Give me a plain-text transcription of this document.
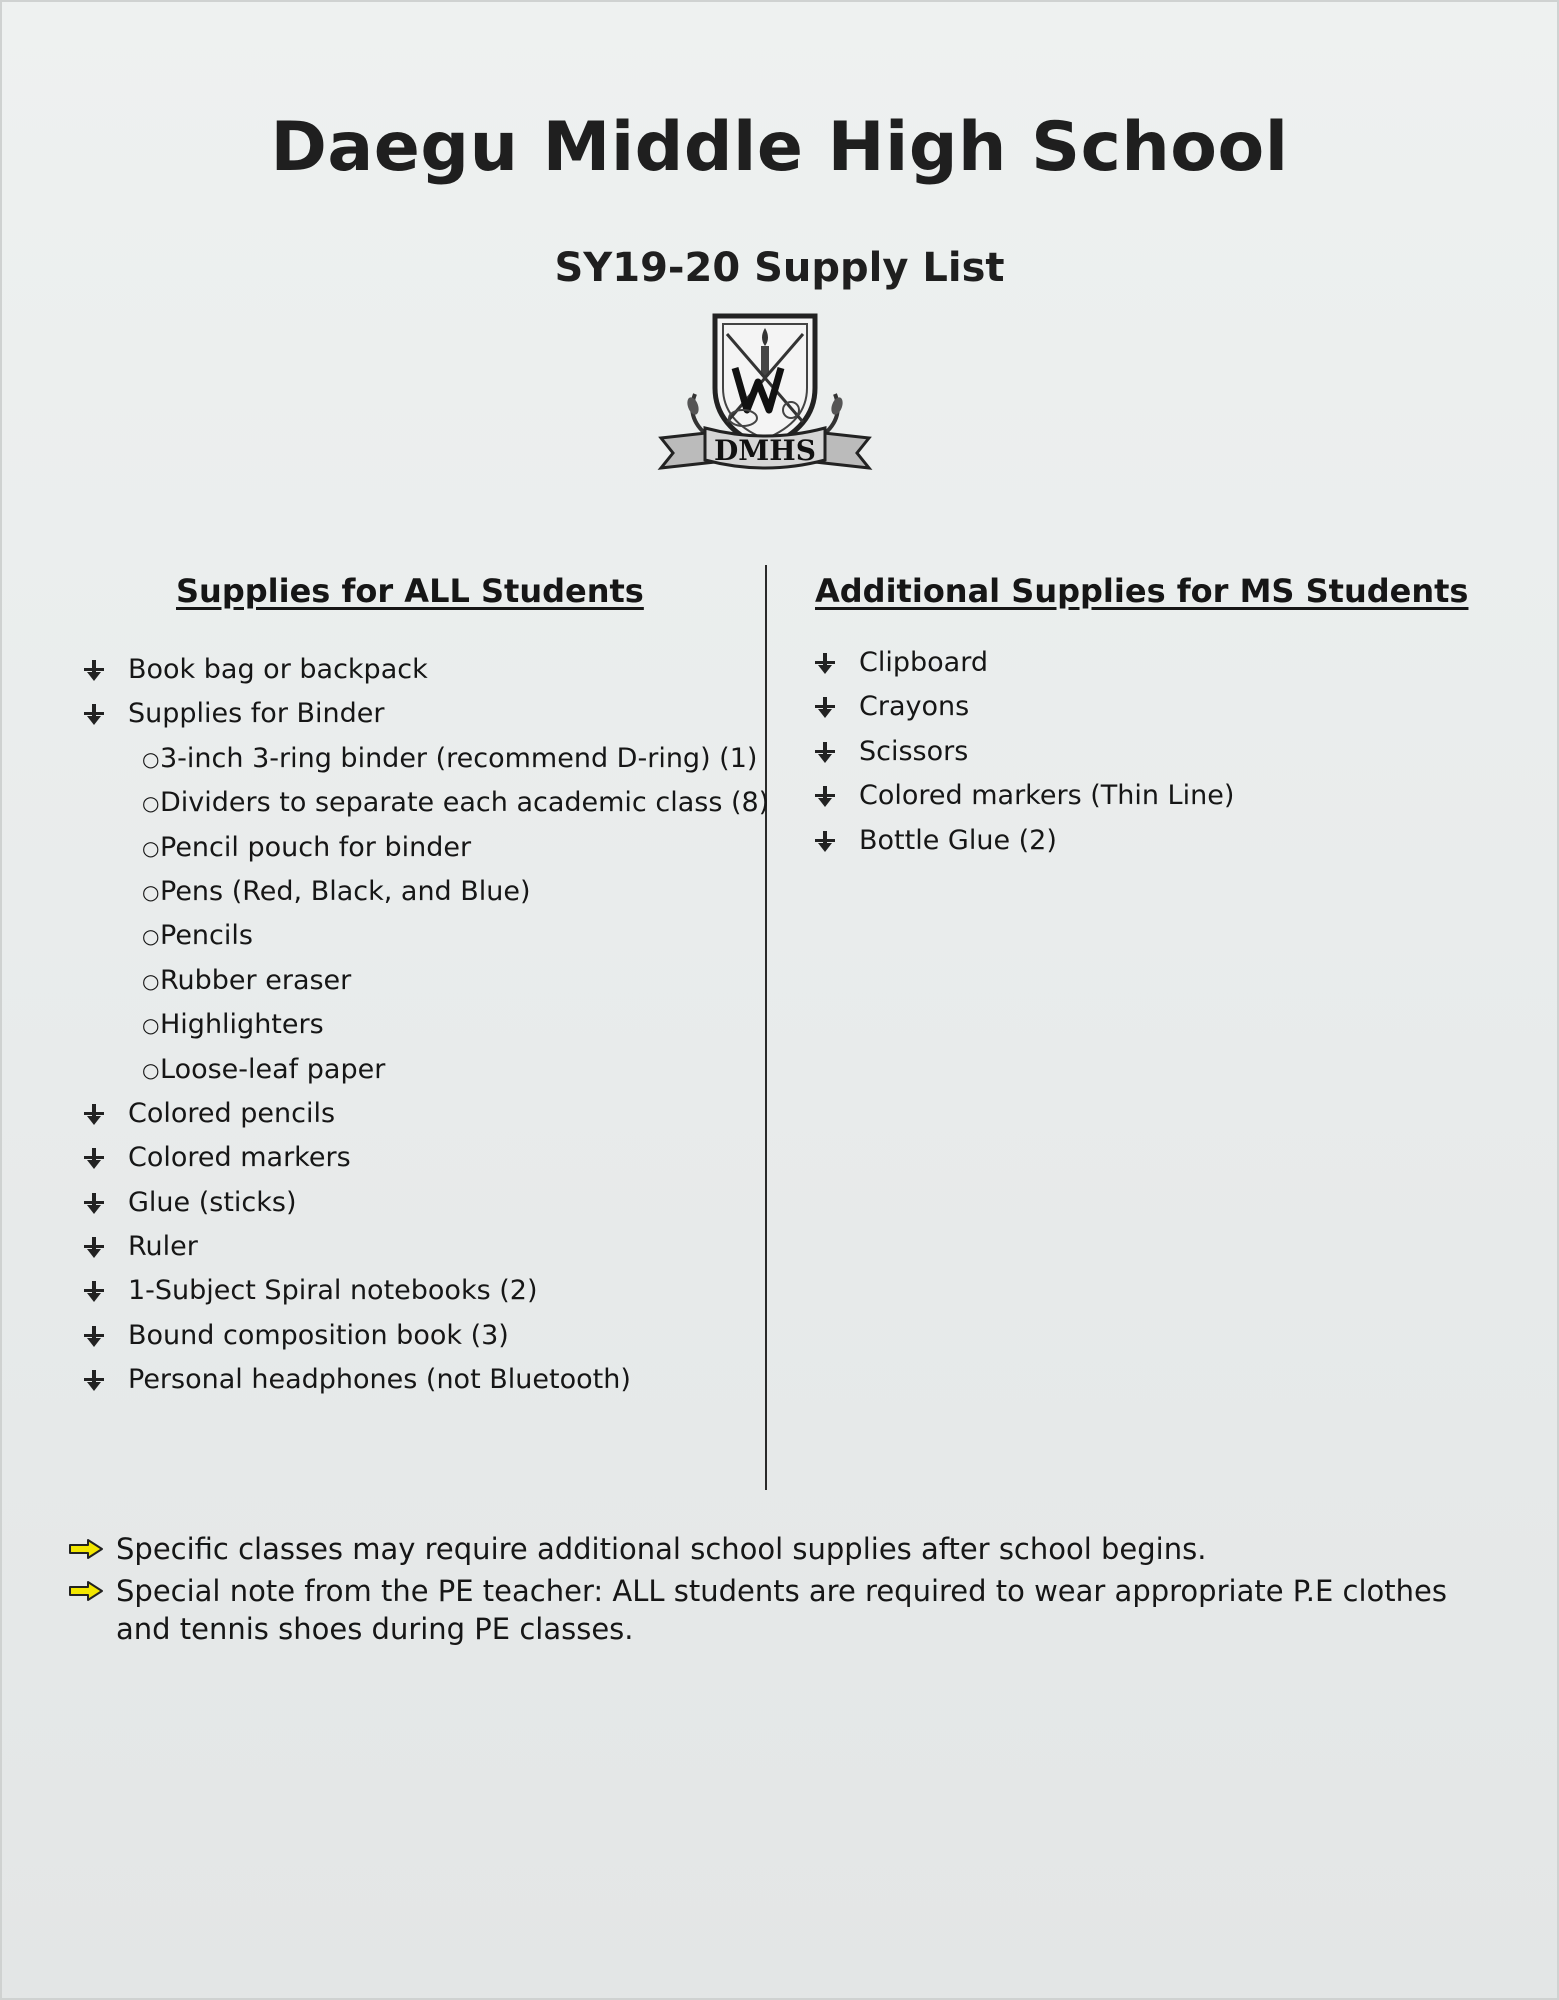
Daegu Middle High School
SY19-20 Supply List
DMHS
Supplies for ALL Students	Additional Supplies for MS Students
Book bag or backpack
Supplies for Binder
○ 3-inch 3-ring binder (recommend D-ring) (1)
○ Dividers to separate each academic class (8)
○ Pencil pouch for binder
○ Pens (Red, Black, and Blue)
○ Pencils
○ Rubber eraser
○ Highlighters
○ Loose-leaf paper
Colored pencils
Colored markers
Glue (sticks)
Ruler
1-Subject Spiral notebooks (2)
Bound composition book (3)
Personal headphones (not Bluetooth)
Clipboard
Crayons
Scissors
Colored markers (Thin Line)
Bottle Glue (2)
Specific classes may require additional school supplies after school begins.
Special note from the PE teacher: ALL students are required to wear appropriate P.E clothes and tennis shoes during PE classes.
